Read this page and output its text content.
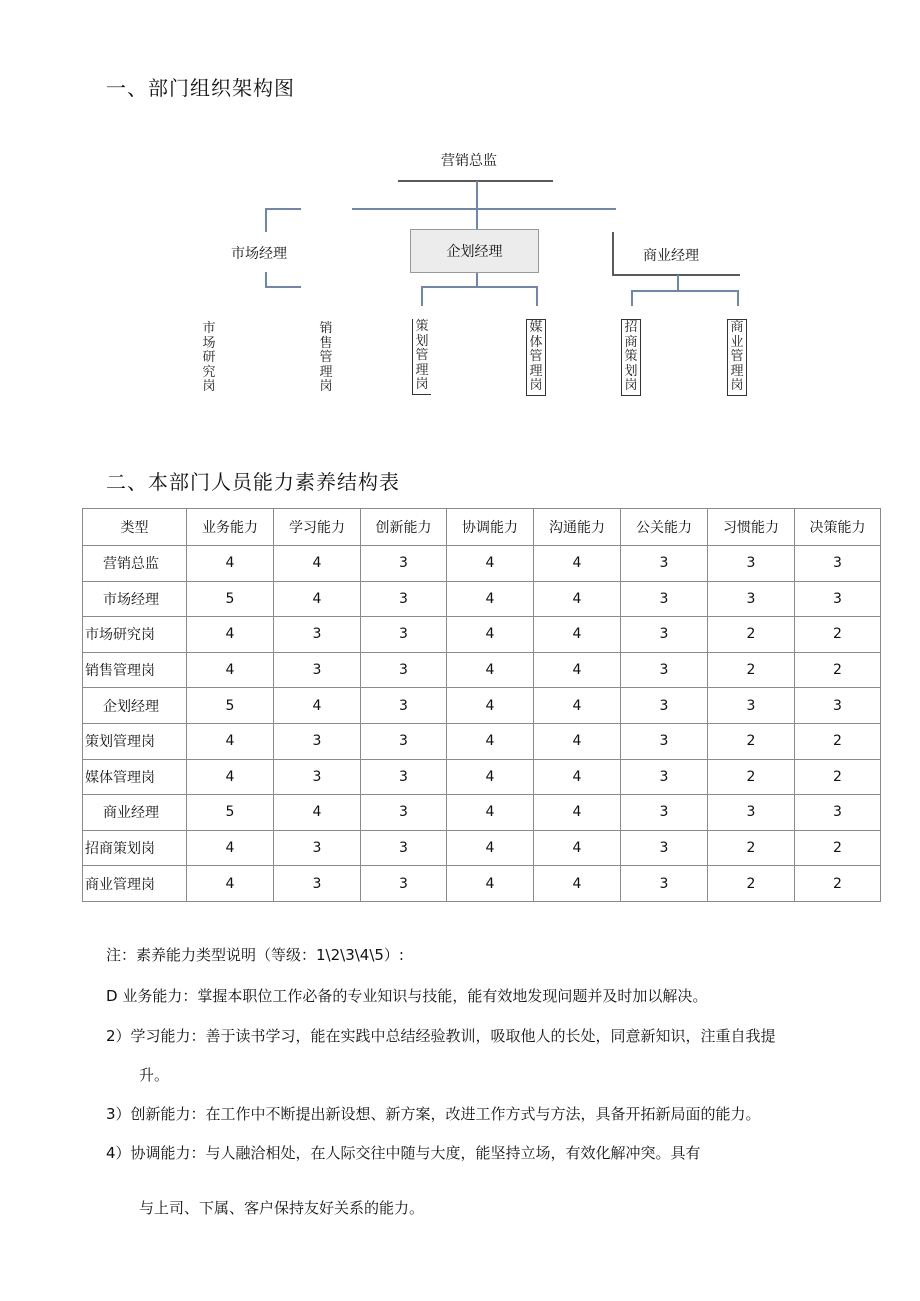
一、部门组织架构图
营销总监
市场经理	企划经理	商业经理
市
场
研
究
岗
销
售
管
理
岗
策
划
管
理
岗
媒
体
管
理
岗
招
商
策
划
岗
商
业
管
理
岗
二、本部门人员能力素养结构表
类型	业务能力	学习能力	创新能力	协调能力	沟通能力	公关能力	习惯能力	决策能力
营销总监	4	4	3	4	4	3	3	3
市场经理	5	4	3	4	4	3	3	3
市场研究岗	4	3	3	4	4	3	2	2
销售管理岗	4	3	3	4	4	3	2	2
企划经理	5	4	3	4	4	3	3	3
策划管理岗	4	3	3	4	4	3	2	2
媒体管理岗	4	3	3	4	4	3	2	2
商业经理	5	4	3	4	4	3	3	3
招商策划岗	4	3	3	4	4	3	2	2
商业管理岗	4	3	3	4	4	3	2	2
注：素养能力类型说明（等级：1\2\3\4\5）:
D 业务能力：掌握本职位工作必备的专业知识与技能，能有效地发现问题并及时加以解决。
2）学习能力：善于读书学习，能在实践中总结经验教训，吸取他人的长处，同意新知识，注重自我提
升。
3）创新能力：在工作中不断提出新设想、新方案，改进工作方式与方法，具备开拓新局面的能力。
4）协调能力：与人融洽相处，在人际交往中随与大度，能坚持立场，有效化解冲突。具有
与上司、下属、客户保持友好关系的能力。
